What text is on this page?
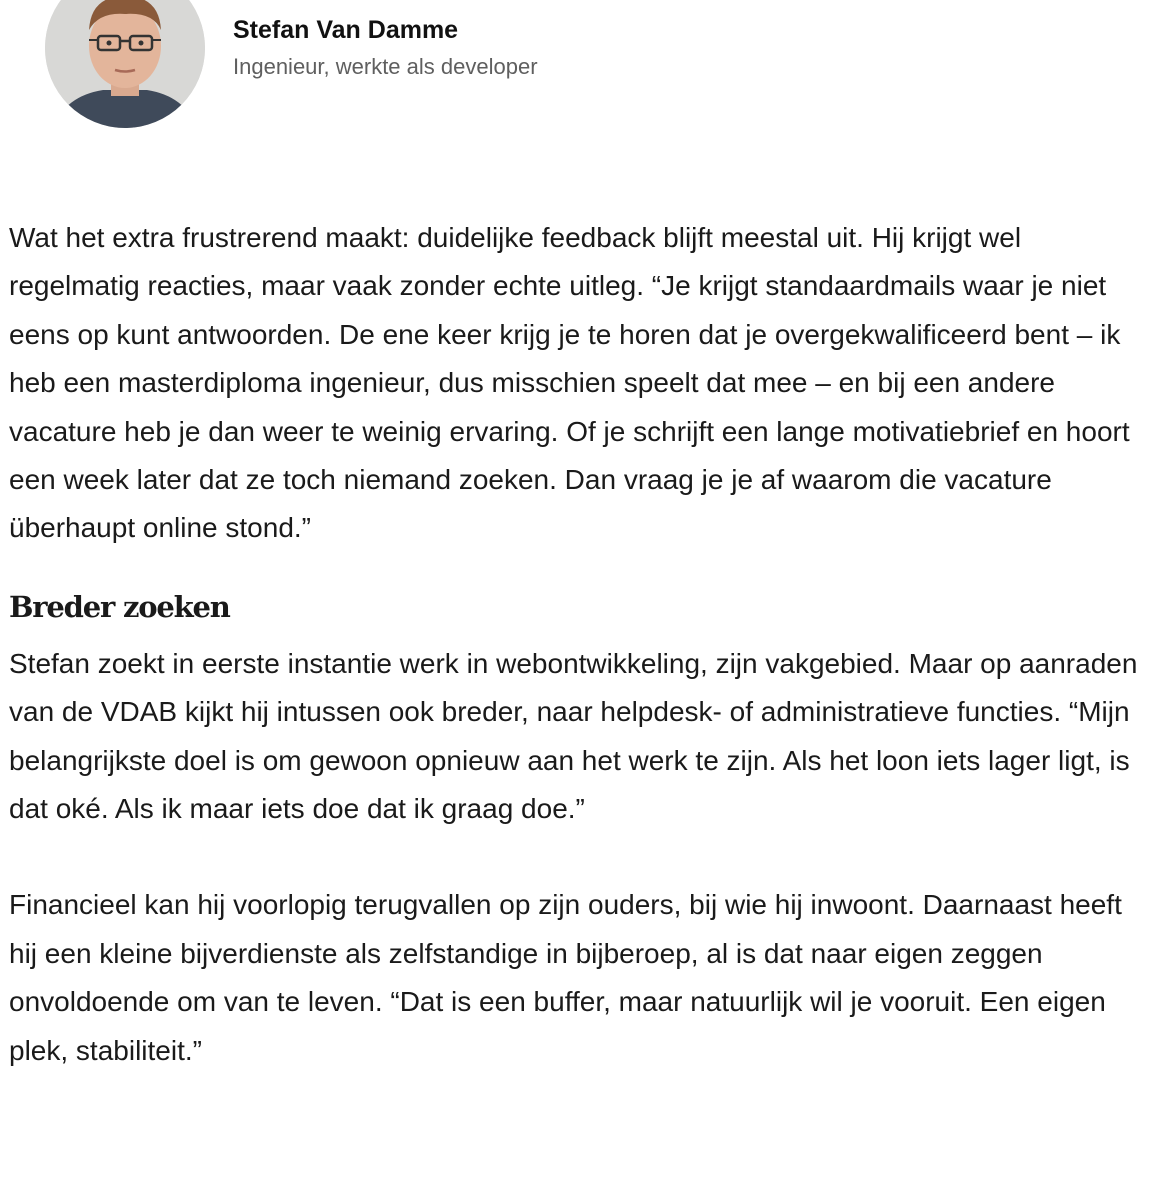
Stefan Van Damme
Ingenieur, werkte als developer

Wat het extra frustrerend maakt: duidelijke feedback blijft meestal uit. Hij krijgt wel regelmatig reacties, maar vaak zonder echte uitleg. “Je krijgt standaardmails waar je niet eens op kunt antwoorden. De ene keer krijg je te horen dat je overgekwalificeerd bent – ik heb een masterdiploma ingenieur, dus misschien speelt dat mee – en bij een andere vacature heb je dan weer te weinig ervaring. Of je schrijft een lange motivatiebrief en hoort een week later dat ze toch niemand zoeken. Dan vraag je je af waarom die vacature überhaupt online stond.”

Breder zoeken

Stefan zoekt in eerste instantie werk in webontwikkeling, zijn vakgebied. Maar op aanraden van de VDAB kijkt hij intussen ook breder, naar helpdesk- of administratieve functies. “Mijn belangrijkste doel is om gewoon opnieuw aan het werk te zijn. Als het loon iets lager ligt, is dat oké. Als ik maar iets doe dat ik graag doe.”

Financieel kan hij voorlopig terugvallen op zijn ouders, bij wie hij inwoont. Daarnaast heeft hij een kleine bijverdienste als zelfstandige in bijberoep, al is dat naar eigen zeggen onvoldoende om van te leven. “Dat is een buffer, maar natuurlijk wil je vooruit. Een eigen plek, stabiliteit.”
